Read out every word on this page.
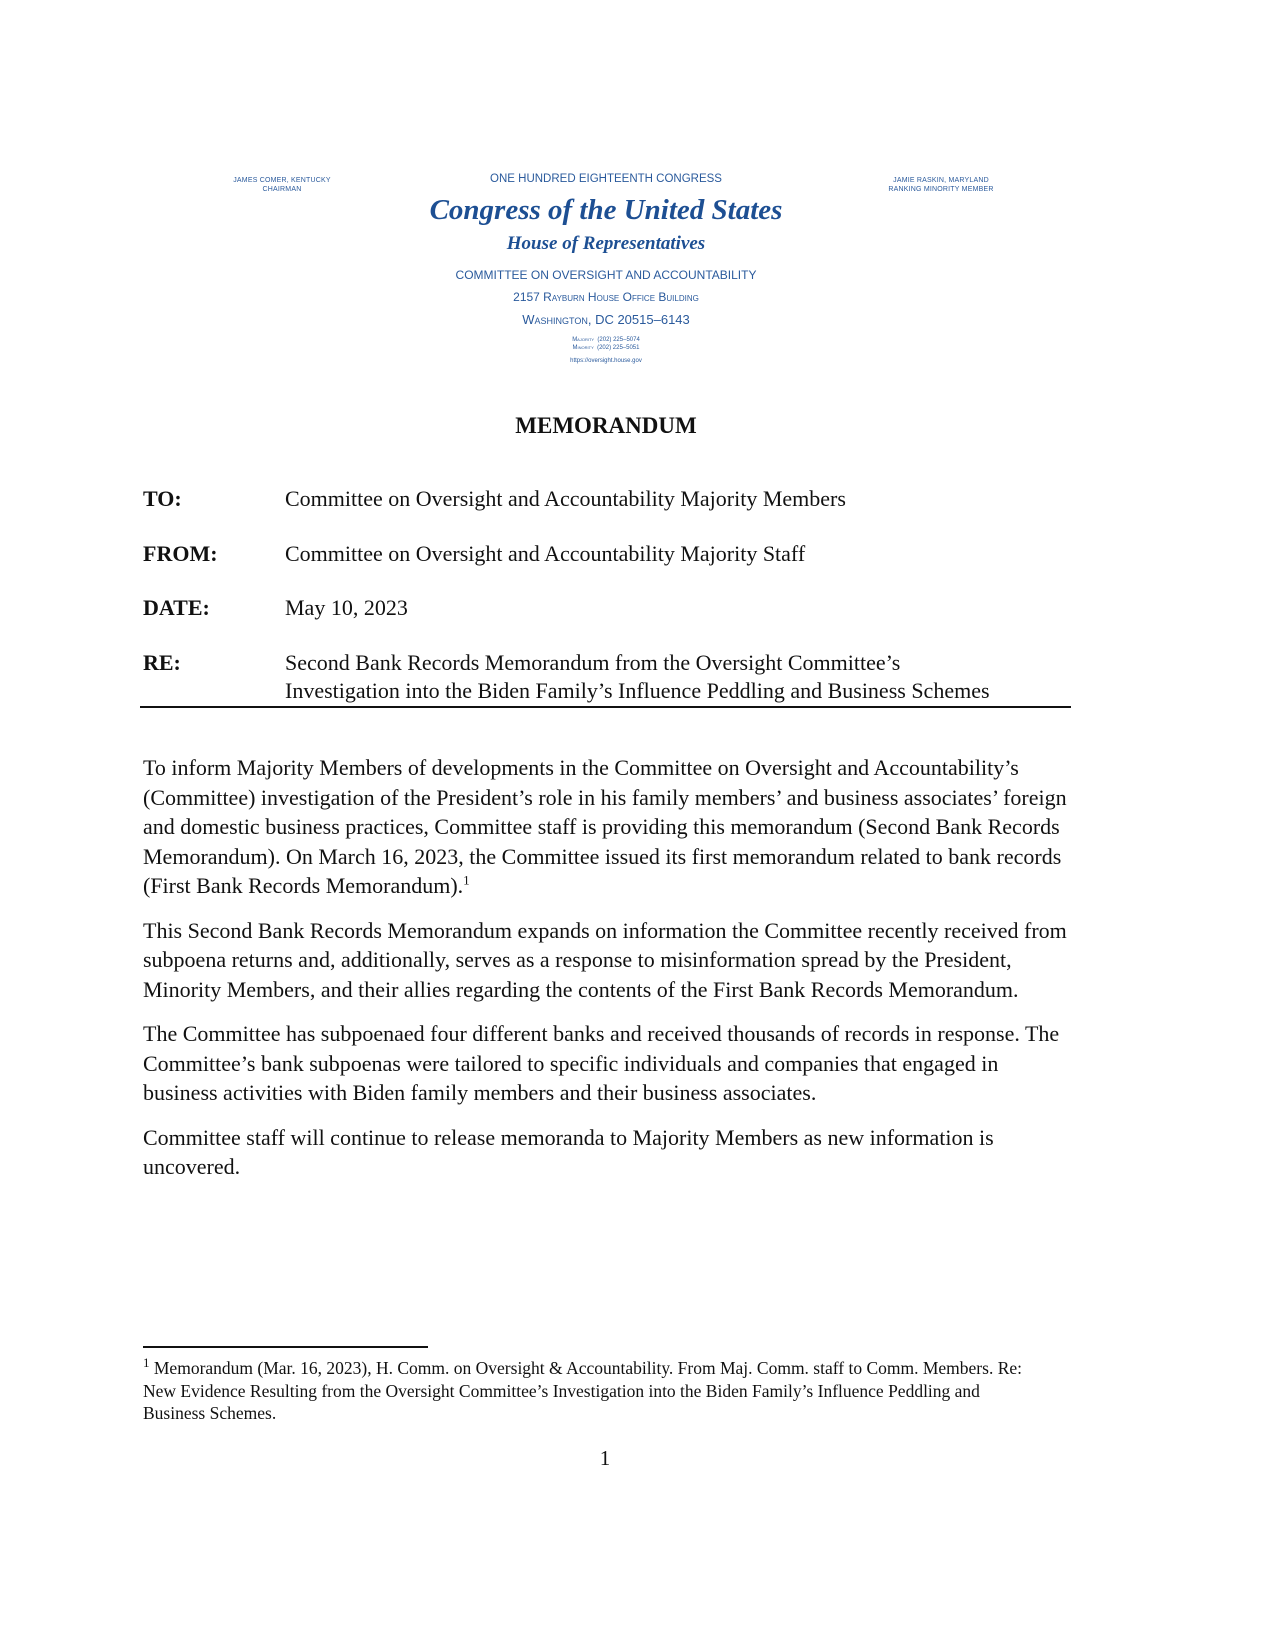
JAMES COMER, KENTUCKY
CHAIRMAN
JAMIE RASKIN, MARYLAND
RANKING MINORITY MEMBER
ONE HUNDRED EIGHTEENTH CONGRESS
Congress of the United States
House of Representatives
COMMITTEE ON OVERSIGHT AND ACCOUNTABILITY
2157 Rayburn House Office Building
Washington, DC 20515–6143
Majority (202) 225–5074
Minority (202) 225–5051
https://oversight.house.gov
MEMORANDUM
TO:	Committee on Oversight and Accountability Majority Members
FROM:	Committee on Oversight and Accountability Majority Staff
DATE:	May 10, 2023
RE:	Second Bank Records Memorandum from the Oversight Committee’s
Investigation into the Biden Family’s Influence Peddling and Business Schemes

To inform Majority Members of developments in the Committee on Oversight and Accountability’s (Committee) investigation of the President’s role in his family members’ and business associates’ foreign and domestic business practices, Committee staff is providing this memorandum (Second Bank Records Memorandum). On March 16, 2023, the Committee issued its first memorandum related to bank records (First Bank Records Memorandum).$^1$

This Second Bank Records Memorandum expands on information the Committee recently received from subpoena returns and, additionally, serves as a response to misinformation spread by the President, Minority Members, and their allies regarding the contents of the First Bank Records Memorandum.

The Committee has subpoenaed four different banks and received thousands of records in response. The Committee’s bank subpoenas were tailored to specific individuals and companies that engaged in business activities with Biden family members and their business associates.

Committee staff will continue to release memoranda to Majority Members as new information is uncovered.

$^1$ Memorandum (Mar. 16, 2023), H. Comm. on Oversight & Accountability. From Maj. Comm. staff to Comm. Members. Re: New Evidence Resulting from the Oversight Committee’s Investigation into the Biden Family’s Influence Peddling and Business Schemes.
1
